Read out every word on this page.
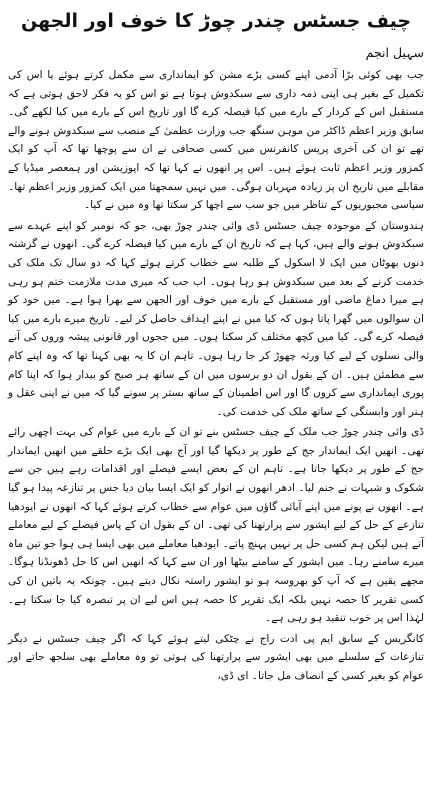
چیف جسٹس چندر چوڑ کا خوف اور الجھن
سہیل انجم

جب بھی کوئی بڑا آدمی اپنے کسی بڑے مشن کو ایمانداری سے مکمل کرتے ہوئے یا اس کی تکمیل کے بغیر ہی اپنی ذمہ داری سے سبکدوش ہوتا ہے تو اس کو یہ فکر لاحق ہوتی ہے کہ مستقبل اس کے کردار کے بارے میں کیا فیصلہ کرے گا اور تاریخ اس کے بارے میں کیا لکھے گی۔ سابق وزیر اعظم ڈاکٹر من موہن سنگھ جب وزارت عظمیٰ کے منصب سے سبکدوش ہونے والے تھے تو ان کی آخری پریس کانفرنس میں کسی صحافی نے ان سے پوچھا تھا کہ آپ کو ایک کمزور وزیر اعظم ثابت ہوئے ہیں۔ اس پر انھوں نے کہا تھا کہ اپوزیشن اور ہمعصر میڈیا کے مقابلے میں تاریخ ان پر زیادہ مہربان ہوگی۔ میں نہیں سمجھتا میں ایک کمزور وزیر اعظم تھا۔ سیاسی مجبوریوں کے تناظر میں جو سب سے اچھا کر سکتا تھا وہ میں نے کیا۔

ہندوستان کے موجودہ چیف جسٹس ڈی وائی چندر چوڑ بھی، جو کہ نومبر کو اپنے عہدے سے سبکدوش ہونے والے ہیں، کہا ہے کہ تاریخ ان کے بارے میں کیا فیصلہ کرے گی۔ انھوں نے گزشتہ دنوں بھوٹان میں ایک لا اسکول کے طلبہ سے خطاب کرتے ہوئے کہا کہ دو سال تک ملک کی خدمت کرنے کے بعد میں سبکدوش ہو رہا ہوں۔ اب جب کہ میری مدت ملازمت ختم ہو رہی ہے میرا دماغ ماضی اور مستقبل کے بارے میں خوف اور الجھن سے بھرا ہوا ہے۔ میں خود کو ان سوالوں میں گھرا پاتا ہوں کہ کیا میں نے اپنے اہداف حاصل کر لیے۔ تاریخ میرے بارے میں کیا فیصلہ کرے گی۔ کیا میں کچھ مختلف کر سکتا ہوں۔ میں ججوں اور قانونی پیشہ وروں کی آنے والی نسلوں کے لیے کیا ورثہ چھوڑ کر جا رہا ہوں۔ تاہم ان کا یہ بھی کہنا تھا کہ وہ اپنے کام سے مطمئن ہیں۔ ان کے بقول ان دو برسوں میں ان کے ساتھ ہر صبح کو بیدار ہوا کہ اپنا کام پوری ایمانداری سے کروں گا اور اس اطمینان کے ساتھ بستر پر سونے گیا کہ میں نے اپنی عقل و ہنر اور وابستگی کے ساتھ ملک کی خدمت کی۔

ڈی وائی چندر چوڑ جب ملک کے چیف جسٹس بنے تو ان کے بارے میں عوام کی بہت اچھی رائے تھی۔ انھیں ایک ایماندار جج کے طور پر دیکھا گیا اور آج بھی ایک بڑے حلقے میں انھیں ایماندار جج کے طور پر دیکھا جاتا ہے۔ تاہم ان کے بعض ایسے فیصلے اور اقدامات رہے ہیں جن سے شکوک و شبہات نے جنم لیا۔ ادھر انھوں نے اتوار کو ایک ایسا بیان دیا جس پر تنازعہ پیدا ہو گیا ہے۔ انھوں نے پونے میں اپنے آبائی گاؤں میں عوام سے خطاب کرتے ہوئے کہا کہ انھوں نے ایودھیا تنازعے کے حل کے لیے ایشور سے پرارتھنا کی تھی۔ ان کے بقول ان کے پاس فیصلے کے لیے معاملے آتے ہیں لیکن ہم کسی حل پر نہیں پہنچ پاتے۔ ایودھیا معاملے میں بھی ایسا ہی ہوا جو تین ماہ میرے سامنے رہا۔ میں ایشور کے سامنے بیٹھا اور ان سے کہا کہ انھیں اس کا حل ڈھونڈنا ہوگا۔ مجھے یقین ہے کہ آپ کو بھروسہ ہو تو ایشور راستہ نکال دیتے ہیں۔ چونکہ یہ باتیں ان کی کسی تقریر کا حصہ نہیں بلکہ ایک تقریر کا حصہ ہیں اس لیے ان پر تبصرہ کیا جا سکتا ہے۔ لہٰذا اس پر خوب تنقید ہو رہی ہے۔

کانگریس کے سابق ایم پی ادت راج نے چٹکی لیتے ہوئے کہا کہ اگر چیف جسٹس نے دیگر تنازعات کے سلسلے میں بھی ایشور سے پرارتھنا کی ہوتی تو وہ معاملے بھی سلجھ جاتے اور عوام کو بغیر کسی کے انصاف مل جاتا۔ ای ڈی،
